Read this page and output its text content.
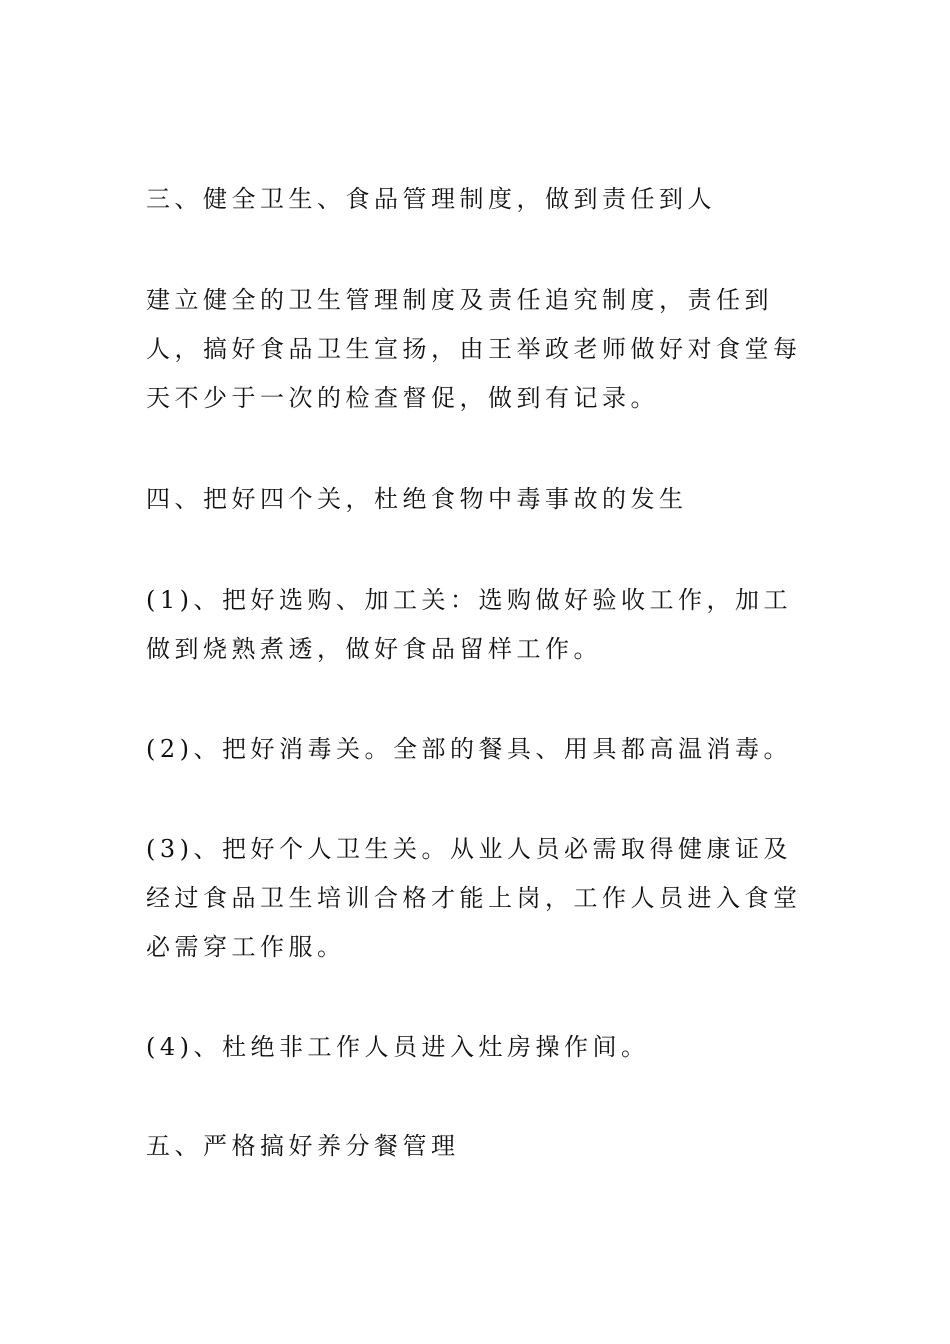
三、健全卫生、食品管理制度，做到责任到人

建立健全的卫生管理制度及责任追究制度，责任到人，搞好食品卫生宣扬，由王举政老师做好对食堂每天不少于一次的检查督促，做到有记录。

四、把好四个关，杜绝食物中毒事故的发生

(1)、把好选购、加工关：选购做好验收工作，加工做到烧熟煮透，做好食品留样工作。

(2)、把好消毒关。全部的餐具、用具都高温消毒。

(3)、把好个人卫生关。从业人员必需取得健康证及经过食品卫生培训合格才能上岗，工作人员进入食堂必需穿工作服。

(4)、杜绝非工作人员进入灶房操作间。

五、严格搞好养分餐管理
